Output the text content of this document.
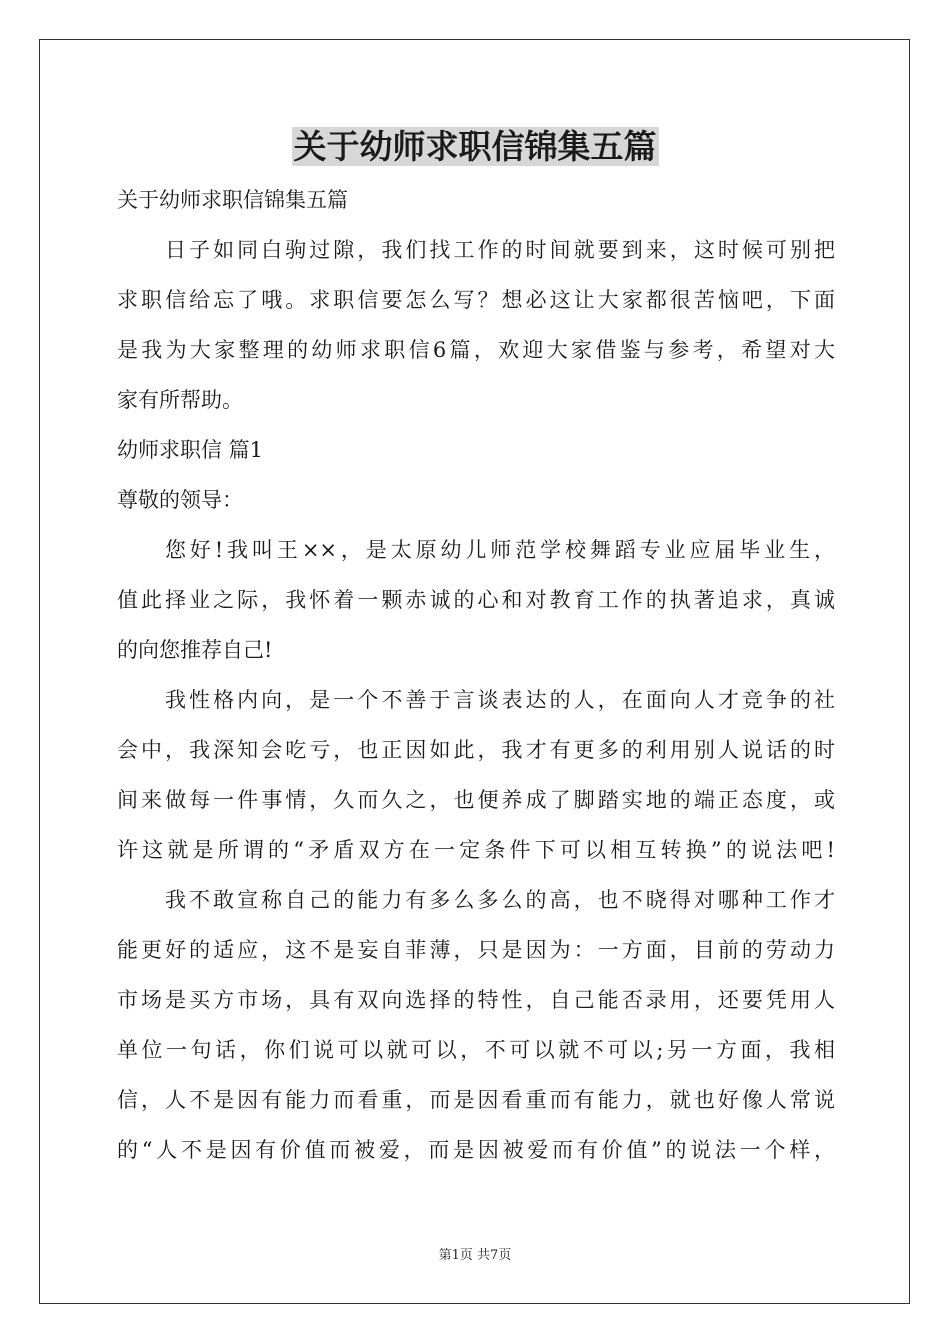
关于幼师求职信锦集五篇
关于幼师求职信锦集五篇
日子如同白驹过隙，我们找工作的时间就要到来，这时候可别把
求职信给忘了哦。求职信要怎么写？想必这让大家都很苦恼吧，下面
是我为大家整理的幼师求职信6篇，欢迎大家借鉴与参考，希望对大
家有所帮助。
幼师求职信 篇1
尊敬的领导：
您好!我叫王××，是太原幼儿师范学校舞蹈专业应届毕业生，
值此择业之际，我怀着一颗赤诚的心和对教育工作的执著追求，真诚
的向您推荐自己!
我性格内向，是一个不善于言谈表达的人，在面向人才竞争的社
会中，我深知会吃亏，也正因如此，我才有更多的利用别人说话的时
间来做每一件事情，久而久之，也便养成了脚踏实地的端正态度，或
许这就是所谓的“矛盾双方在一定条件下可以相互转换”的说法吧!
我不敢宣称自己的能力有多么多么的高，也不晓得对哪种工作才
能更好的适应，这不是妄自菲薄，只是因为：一方面，目前的劳动力
市场是买方市场，具有双向选择的特性，自己能否录用，还要凭用人
单位一句话，你们说可以就可以，不可以就不可以;另一方面，我相
信，人不是因有能力而看重，而是因看重而有能力，就也好像人常说
的“人不是因有价值而被爱，而是因被爱而有价值”的说法一个样，
第1页 共7页
